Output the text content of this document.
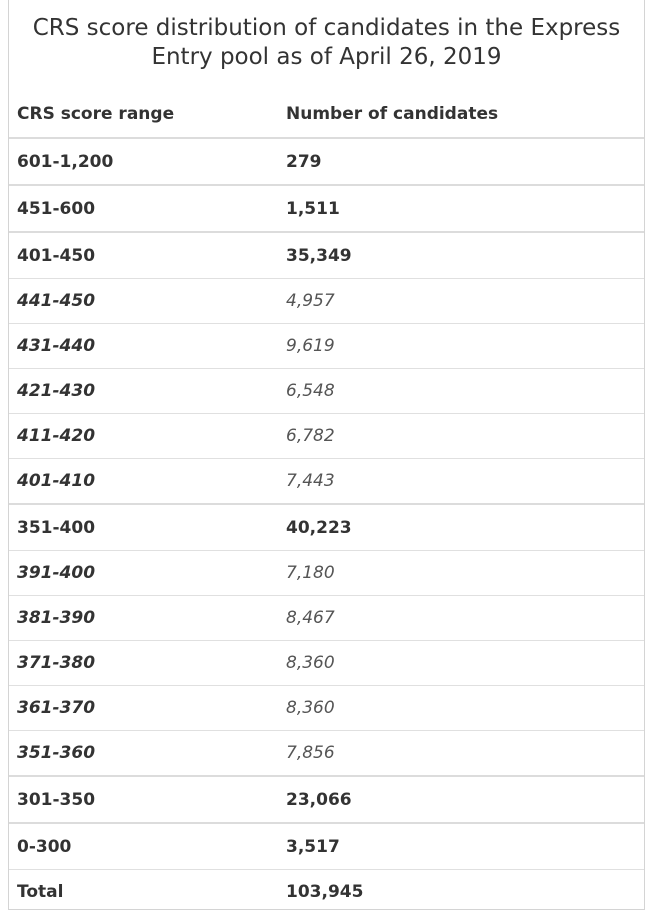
CRS score distribution of candidates in the Express Entry pool as of April 26, 2019
CRS score range	Number of candidates
601-1,200	279
451-600	1,511
401-450	35,349
441-450	4,957
431-440	9,619
421-430	6,548
411-420	6,782
401-410	7,443
351-400	40,223
391-400	7,180
381-390	8,467
371-380	8,360
361-370	8,360
351-360	7,856
301-350	23,066
0-300	3,517
Total	103,945
